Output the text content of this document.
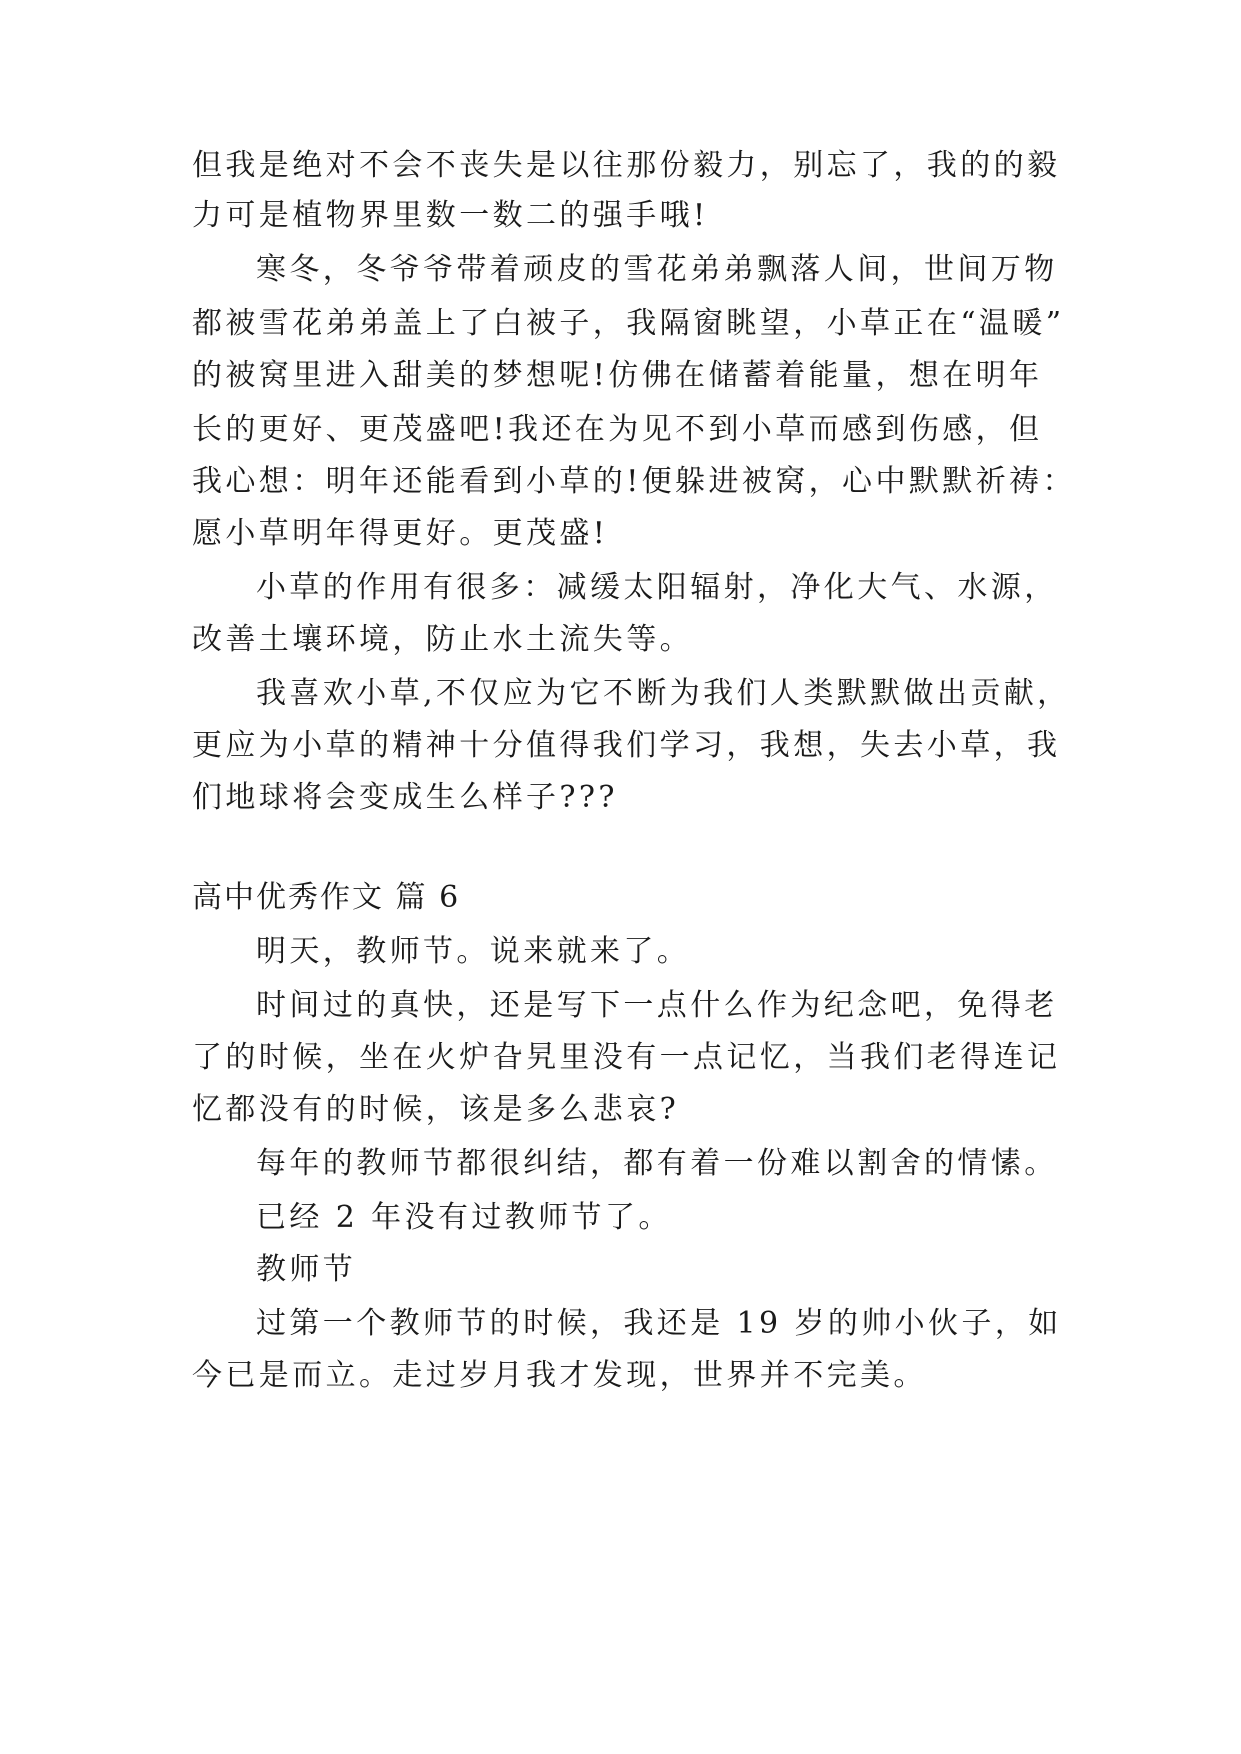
但我是绝对不会不丧失是以往那份毅力，别忘了，我的的毅
力可是植物界里数一数二的强手哦!
寒冬，冬爷爷带着顽皮的雪花弟弟飘落人间，世间万物
都被雪花弟弟盖上了白被子，我隔窗眺望，小草正在“温暖”
的被窝里进入甜美的梦想呢!仿佛在储蓄着能量，想在明年
长的更好、更茂盛吧!我还在为见不到小草而感到伤感，但
我心想：明年还能看到小草的!便躲进被窝，心中默默祈祷：
愿小草明年得更好。更茂盛!
小草的作用有很多：减缓太阳辐射，净化大气、水源，
改善土壤环境，防止水土流失等。
我喜欢小草,不仅应为它不断为我们人类默默做出贡献，
更应为小草的精神十分值得我们学习，我想，失去小草，我
们地球将会变成生么样子???
高中优秀作文 篇 6
明天，教师节。说来就来了。
时间过的真快，还是写下一点什么作为纪念吧，免得老
了的时候，坐在火炉旮旯里没有一点记忆，当我们老得连记
忆都没有的时候，该是多么悲哀?
每年的教师节都很纠结，都有着一份难以割舍的情愫。
已经 2 年没有过教师节了。
教师节
过第一个教师节的时候，我还是 19 岁的帅小伙子，如
今已是而立。走过岁月我才发现，世界并不完美。
